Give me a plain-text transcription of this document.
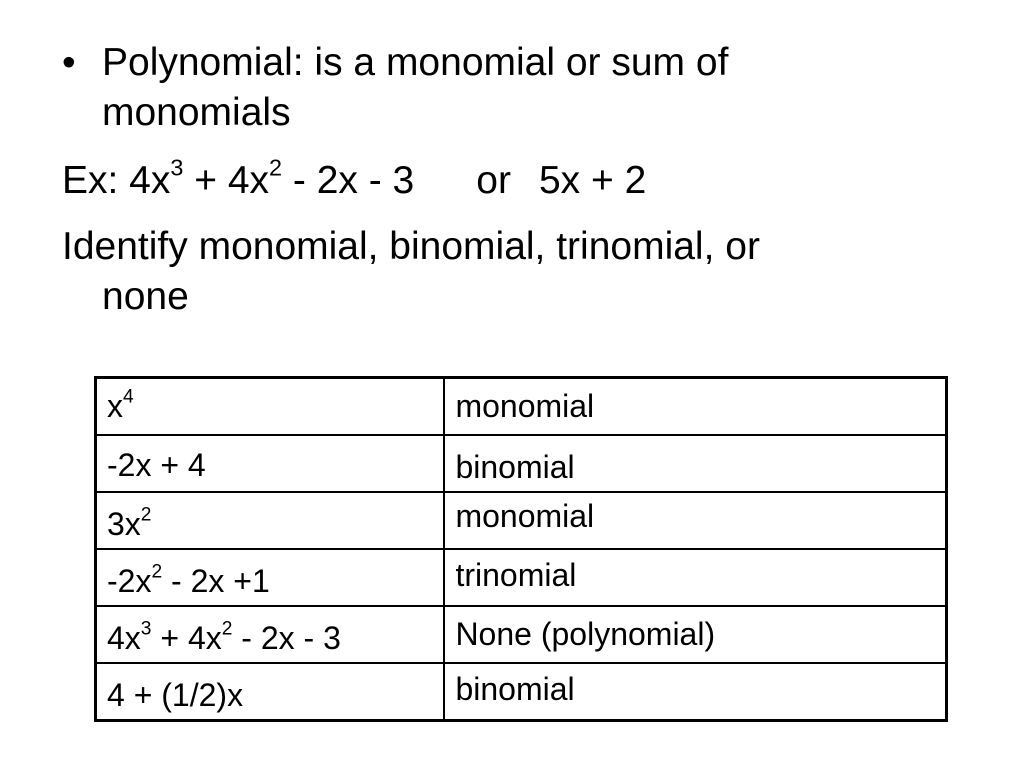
• Polynomial: is a monomial or sum of
monomials
Ex: $4x^3 + 4x^2 - 2x - 3$ or 5x + 2
Identify monomial, binomial, trinomial, or
none
$x^4$	monomial

-2x + 4	binomial

$3x^2$	monomial

$-2x^2 - 2x +1$	trinomial

$4x^3 + 4x^2 - 2x - 3$	None (polynomial)

4 + (1/2)x	binomial
